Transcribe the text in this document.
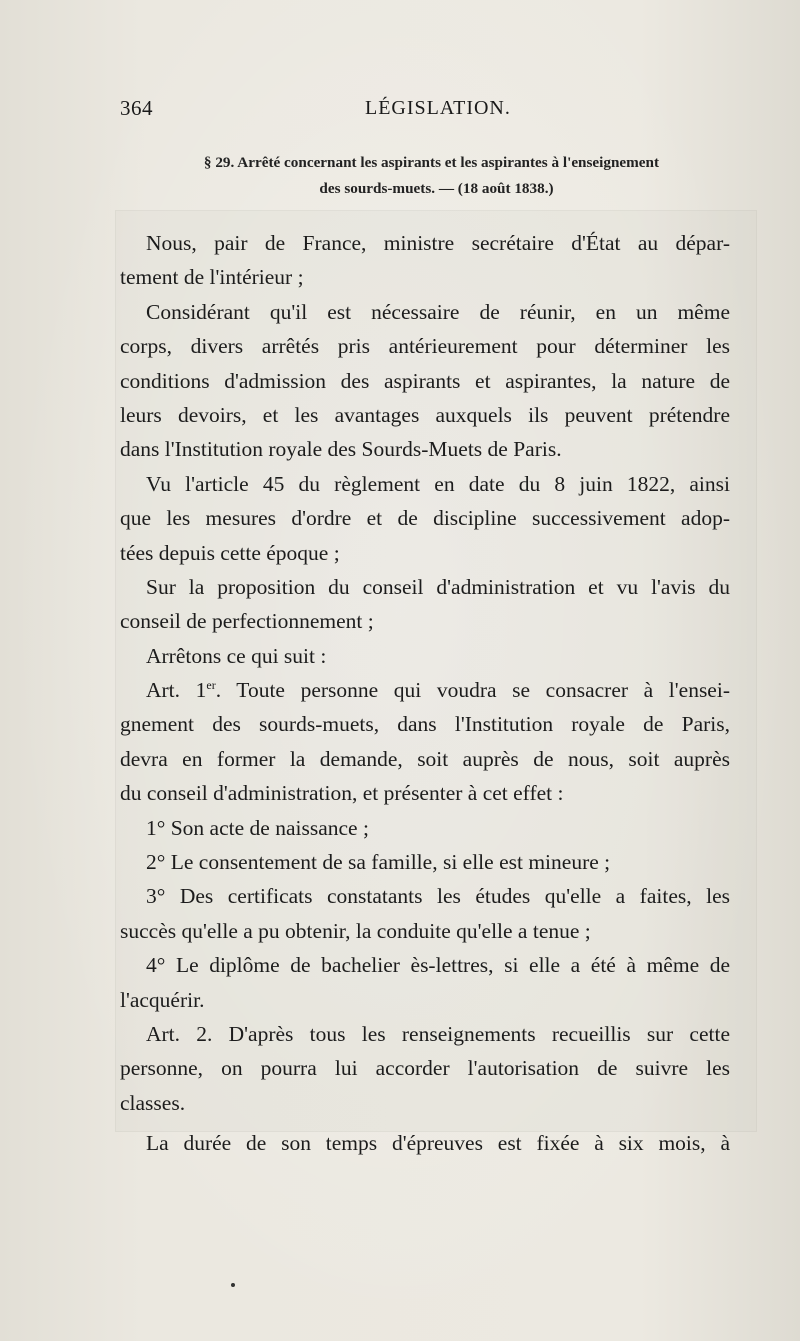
364	LÉGISLATION.
§ 29. Arrêté concernant les aspirants et les aspirantes à l'enseignement
des sourds-muets. — (18 août 1838.)
Nous, pair de France, ministre secrétaire d'État au dépar-
tement de l'intérieur ;
Considérant qu'il est nécessaire de réunir, en un même
corps, divers arrêtés pris antérieurement pour déterminer les
conditions d'admission des aspirants et aspirantes, la nature de
leurs devoirs, et les avantages auxquels ils peuvent prétendre
dans l'Institution royale des Sourds-Muets de Paris.
Vu l'article 45 du règlement en date du 8 juin 1822, ainsi
que les mesures d'ordre et de discipline successivement adop-
tées depuis cette époque ;
Sur la proposition du conseil d'administration et vu l'avis du
conseil de perfectionnement ;
Arrêtons ce qui suit :
Art. 1er. Toute personne qui voudra se consacrer à l'ensei-
gnement des sourds-muets, dans l'Institution royale de Paris,
devra en former la demande, soit auprès de nous, soit auprès
du conseil d'administration, et présenter à cet effet :
1° Son acte de naissance ;
2° Le consentement de sa famille, si elle est mineure ;
3° Des certificats constatants les études qu'elle a faites, les
succès qu'elle a pu obtenir, la conduite qu'elle a tenue ;
4° Le diplôme de bachelier ès-lettres, si elle a été à même de
l'acquérir.
Art. 2. D'après tous les renseignements recueillis sur cette
personne, on pourra lui accorder l'autorisation de suivre les
classes.
La durée de son temps d'épreuves est fixée à six mois, à
